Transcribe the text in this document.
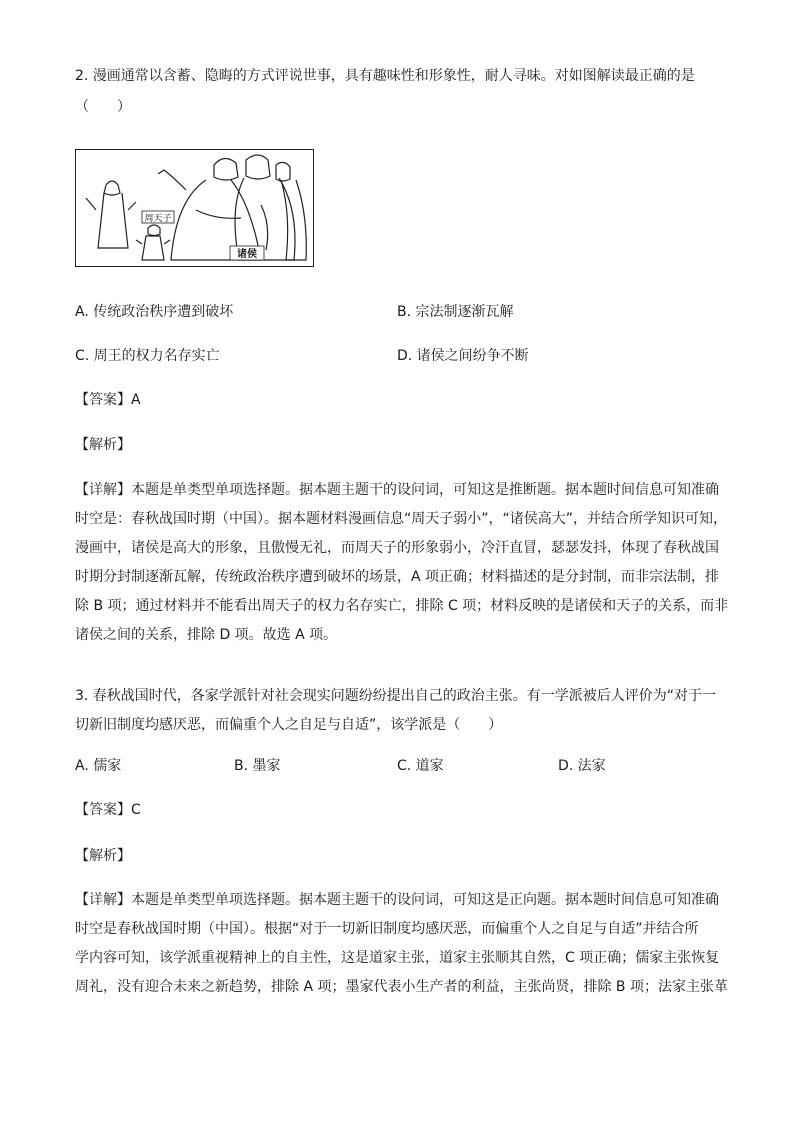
2. 漫画通常以含蓄、隐晦的方式评说世事，具有趣味性和形象性，耐人寻味。对如图解读最正确的是
（　　）
周天子
诸侯
A. 传统政治秩序遭到破坏	B. 宗法制逐渐瓦解
C. 周王的权力名存实亡	D. 诸侯之间纷争不断
【答案】A
【解析】

【详解】本题是单类型单项选择题。据本题主题干的设问词，可知这是推断题。据本题时间信息可知准确

时空是：春秋战国时期（中国）。据本题材料漫画信息“周天子弱小”，“诸侯高大”，并结合所学知识可知，

漫画中，诸侯是高大的形象，且傲慢无礼，而周天子的形象弱小，冷汗直冒，瑟瑟发抖，体现了春秋战国

时期分封制逐渐瓦解，传统政治秩序遭到破坏的场景，A 项正确；材料描述的是分封制，而非宗法制，排

除 B 项；通过材料并不能看出周天子的权力名存实亡，排除 C 项；材料反映的是诸侯和天子的关系，而非

诸侯之间的关系，排除 D 项。故选 A 项。

3. 春秋战国时代，各家学派针对社会现实问题纷纷提出自己的政治主张。有一学派被后人评价为“对于一

切新旧制度均感厌恶，而偏重个人之自足与自适”，该学派是（　　）

A. 儒家	B. 墨家	C. 道家	D. 法家
【答案】C
【解析】

【详解】本题是单类型单项选择题。据本题主题干的设问词，可知这是正向题。据本题时间信息可知准确

时空是春秋战国时期（中国）。根据“对于一切新旧制度均感厌恶，而偏重个人之自足与自适”并结合所

学内容可知，该学派重视精神上的自主性，这是道家主张，道家主张顺其自然，C 项正确；儒家主张恢复

周礼，没有迎合未来之新趋势，排除 A 项；墨家代表小生产者的利益，主张尚贤，排除 B 项；法家主张革
